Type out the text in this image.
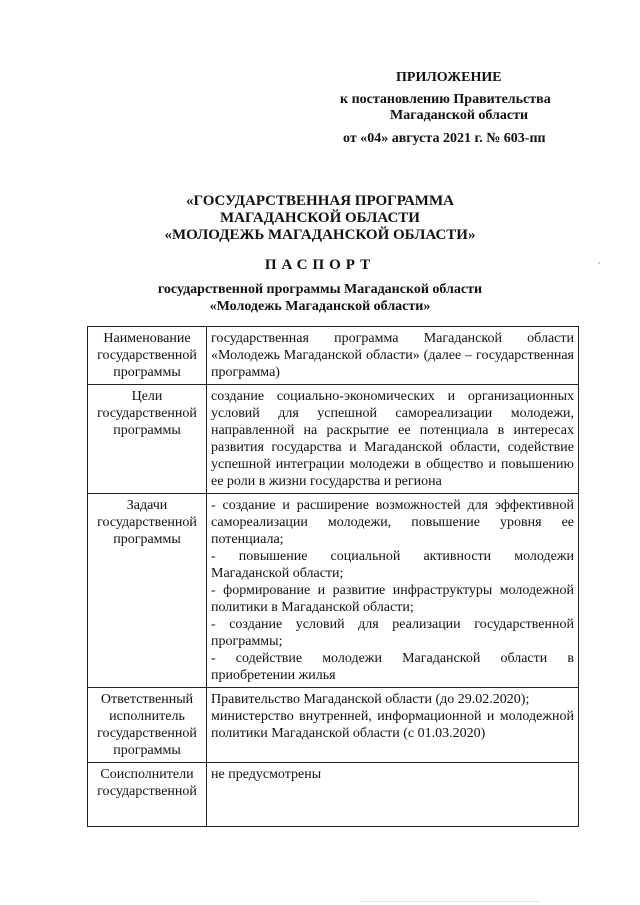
ПРИЛОЖЕНИЕ
к постановлению Правительства
Магаданской области
от «04» августа 2021 г. № 603-пп
«ГОСУДАРСТВЕННАЯ ПРОГРАММА
МАГАДАНСКОЙ ОБЛАСТИ
«МОЛОДЕЖЬ МАГАДАНСКОЙ ОБЛАСТИ»
ПАСПОРТ
государственной программы Магаданской области
«Молодежь Магаданской области»
Наименование государственной программы	государственная программа Магаданской области «Молодежь Магаданской области» (далее – государственная программа)

Цели государственной программы	создание социально-экономических и организационных условий для успешной самореализации молодежи, направленной на раскрытие ее потенциала в интересах развития государства и Магаданской области, содействие успешной интеграции молодежи в общество и повышению ее роли в жизни государства и региона

Задачи государственной программы	- создание и расширение возможностей для эффективной самореализации молодежи, повышение уровня ее потенциала;
- повышение социальной активности молодежи Магаданской области;
- формирование и развитие инфраструктуры молодежной политики в Магаданской области;
- создание условий для реализации государственной программы;
- содействие молодежи Магаданской области в приобретении жилья

Ответственный исполнитель государственной программы	Правительство Магаданской области (до 29.02.2020);
министерство внутренней, информационной и молодежной политики Магаданской области (с 01.03.2020)

Соисполнители государственной	не предусмотрены
